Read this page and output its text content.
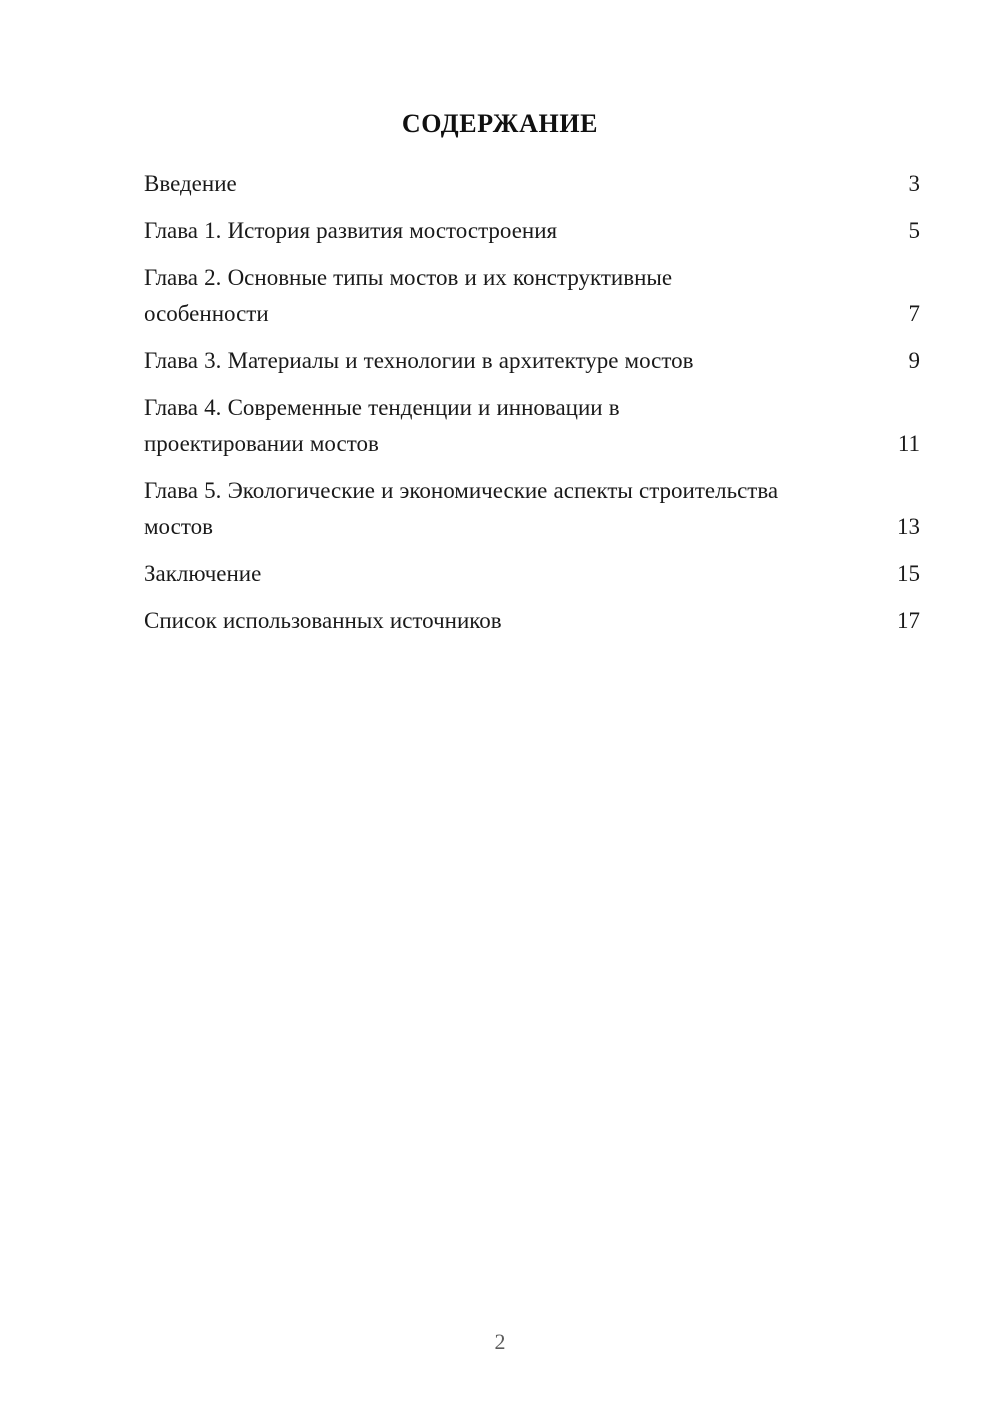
СОДЕРЖАНИЕ
Введение	3
Глава 1. История развития мостостроения	5
Глава 2. Основные типы мостов и их конструктивные особенности	7
Глава 3. Материалы и технологии в архитектуре мостов	9
Глава 4. Современные тенденции и инновации в проектировании мостов	11
Глава 5. Экологические и экономические аспекты строительства мостов	13
Заключение	15
Список использованных источников	17
2
